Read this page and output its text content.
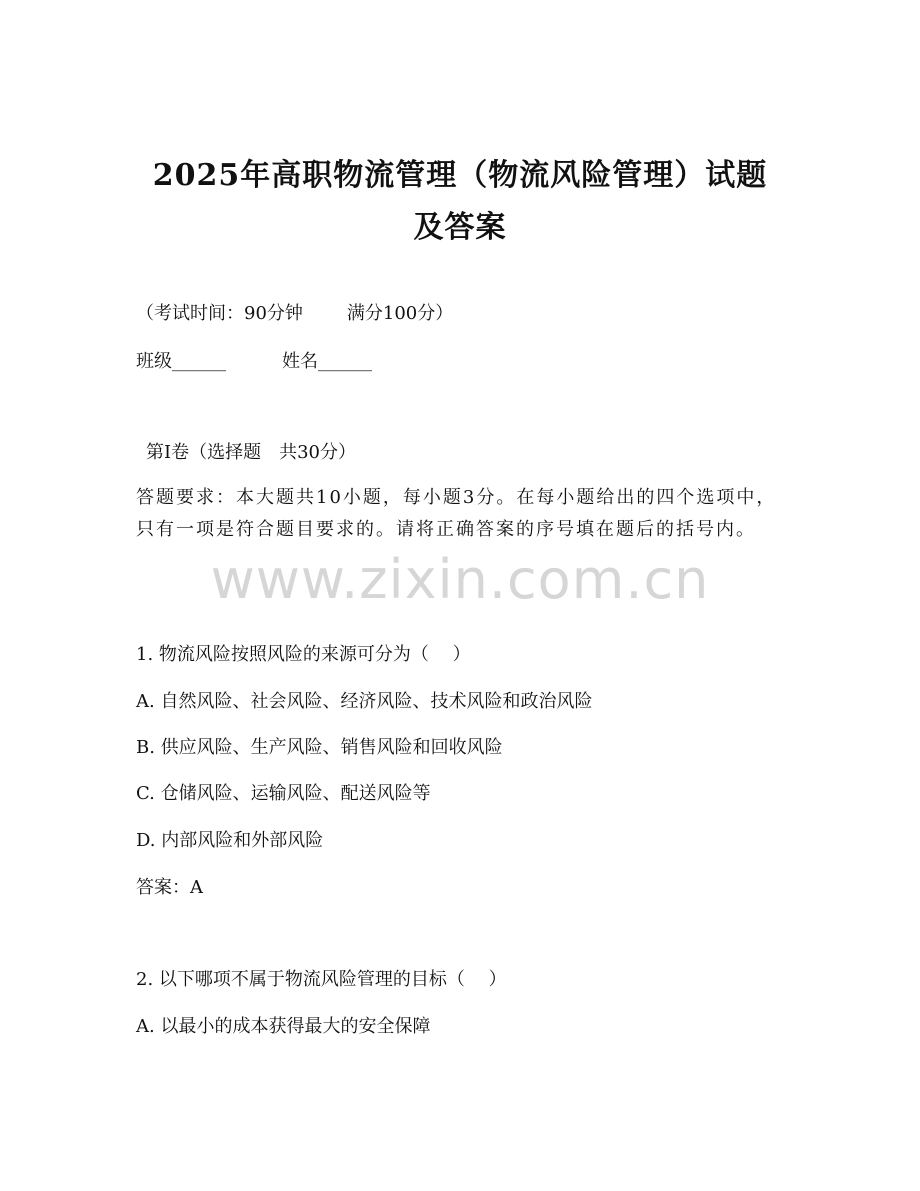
2025年高职物流管理（物流风险管理）试题
及答案
（考试时间：90分钟 满分100分）
班级______	姓名______
第Ⅰ卷（选择题　共30分）
答题要求：本大题共10小题，每小题3分。在每小题给出的四个选项中，只有一项是符合题目要求的。请将正确答案的序号填在题后的括号内。
1. 物流风险按照风险的来源可分为（　 ）
A. 自然风险、社会风险、经济风险、技术风险和政治风险
B. 供应风险、生产风险、销售风险和回收风险
C. 仓储风险、运输风险、配送风险等
D. 内部风险和外部风险
答案：A
2. 以下哪项不属于物流风险管理的目标（　 ）
A. 以最小的成本获得最大的安全保障
www.zixin.com.cn
